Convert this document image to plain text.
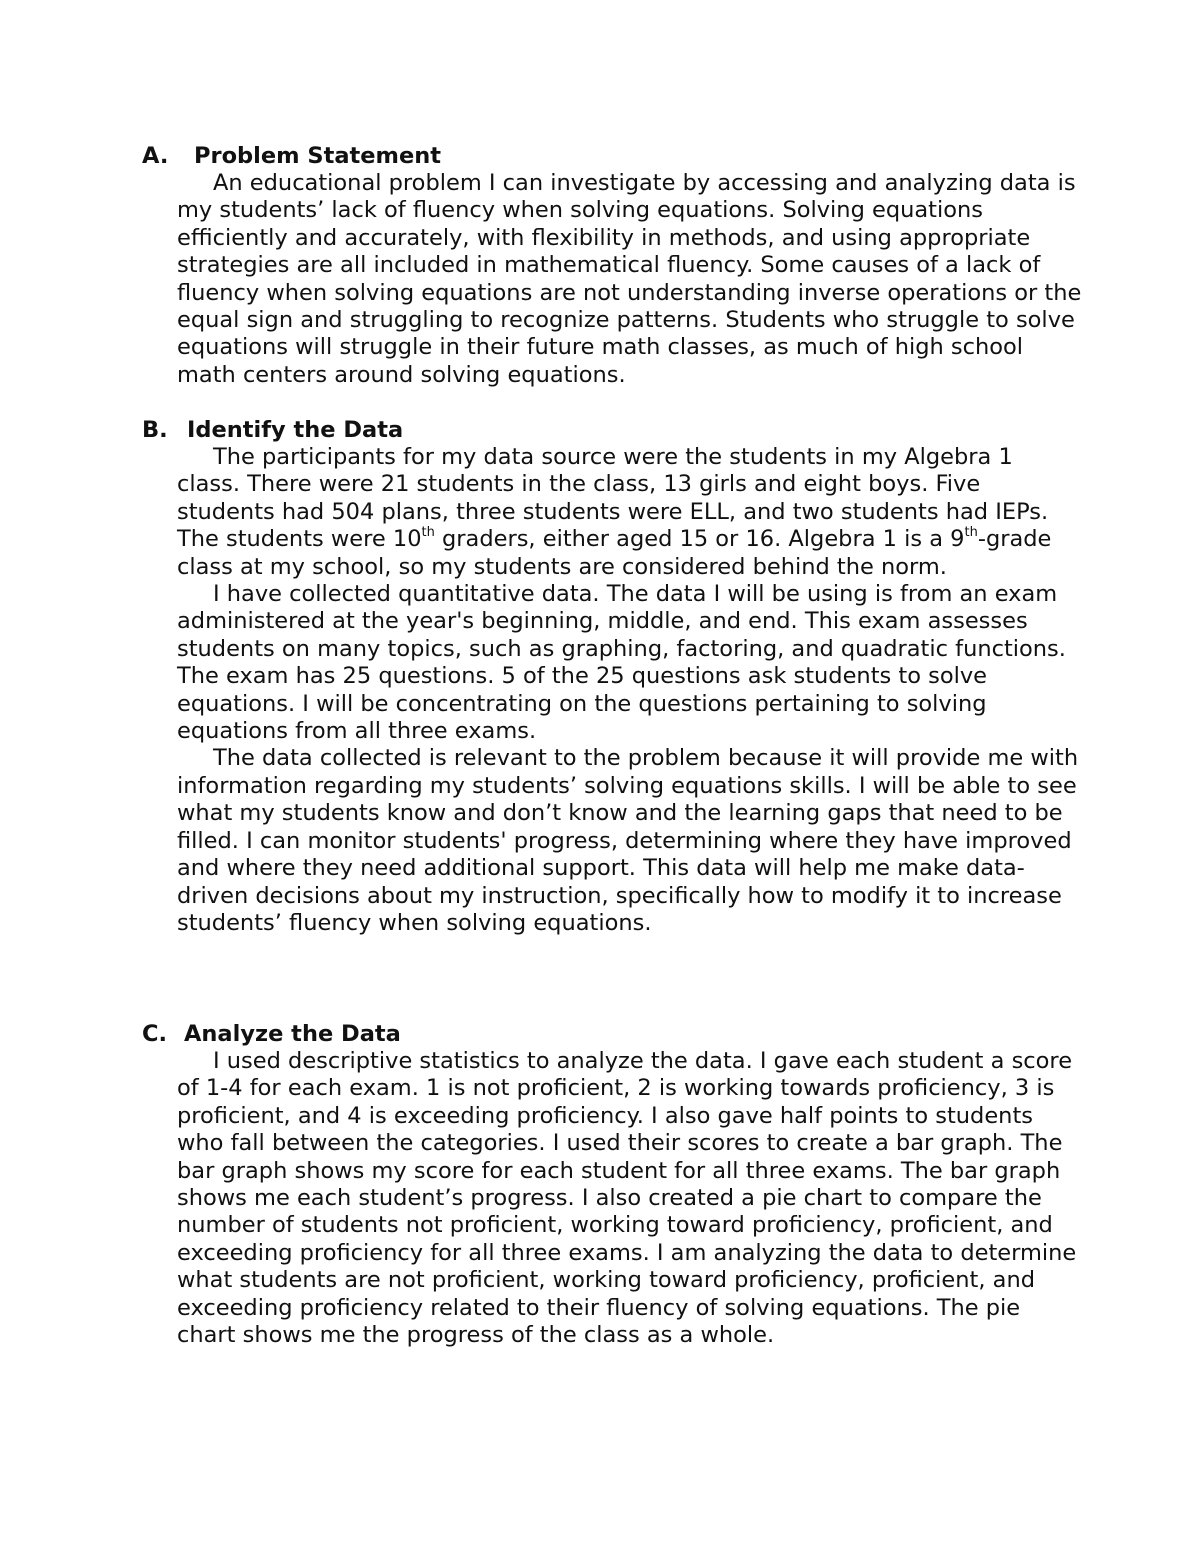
A. Problem Statement

An educational problem I can investigate by accessing and analyzing data is my students’ lack of fluency when solving equations. Solving equations efficiently and accurately, with flexibility in methods, and using appropriate strategies are all included in mathematical fluency. Some causes of a lack of fluency when solving equations are not understanding inverse operations or the equal sign and struggling to recognize patterns. Students who struggle to solve equations will struggle in their future math classes, as much of high school math centers around solving equations.

B. Identify the Data

The participants for my data source were the students in my Algebra 1 class. There were 21 students in the class, 13 girls and eight boys. Five students had 504 plans, three students were ELL, and two students had IEPs. The students were 10th graders, either aged 15 or 16. Algebra 1 is a 9th-grade class at my school, so my students are considered behind the norm.

I have collected quantitative data. The data I will be using is from an exam administered at the year's beginning, middle, and end. This exam assesses students on many topics, such as graphing, factoring, and quadratic functions. The exam has 25 questions. 5 of the 25 questions ask students to solve equations. I will be concentrating on the questions pertaining to solving equations from all three exams.

The data collected is relevant to the problem because it will provide me with information regarding my students’ solving equations skills. I will be able to see what my students know and don’t know and the learning gaps that need to be filled. I can monitor students' progress, determining where they have improved and where they need additional support. This data will help me make data-driven decisions about my instruction, specifically how to modify it to increase students’ fluency when solving equations.

C. Analyze the Data

I used descriptive statistics to analyze the data. I gave each student a score of 1-4 for each exam. 1 is not proficient, 2 is working towards proficiency, 3 is proficient, and 4 is exceeding proficiency. I also gave half points to students who fall between the categories. I used their scores to create a bar graph. The bar graph shows my score for each student for all three exams. The bar graph shows me each student’s progress. I also created a pie chart to compare the number of students not proficient, working toward proficiency, proficient, and exceeding proficiency for all three exams. I am analyzing the data to determine what students are not proficient, working toward proficiency, proficient, and exceeding proficiency related to their fluency of solving equations. The pie chart shows me the progress of the class as a whole.
